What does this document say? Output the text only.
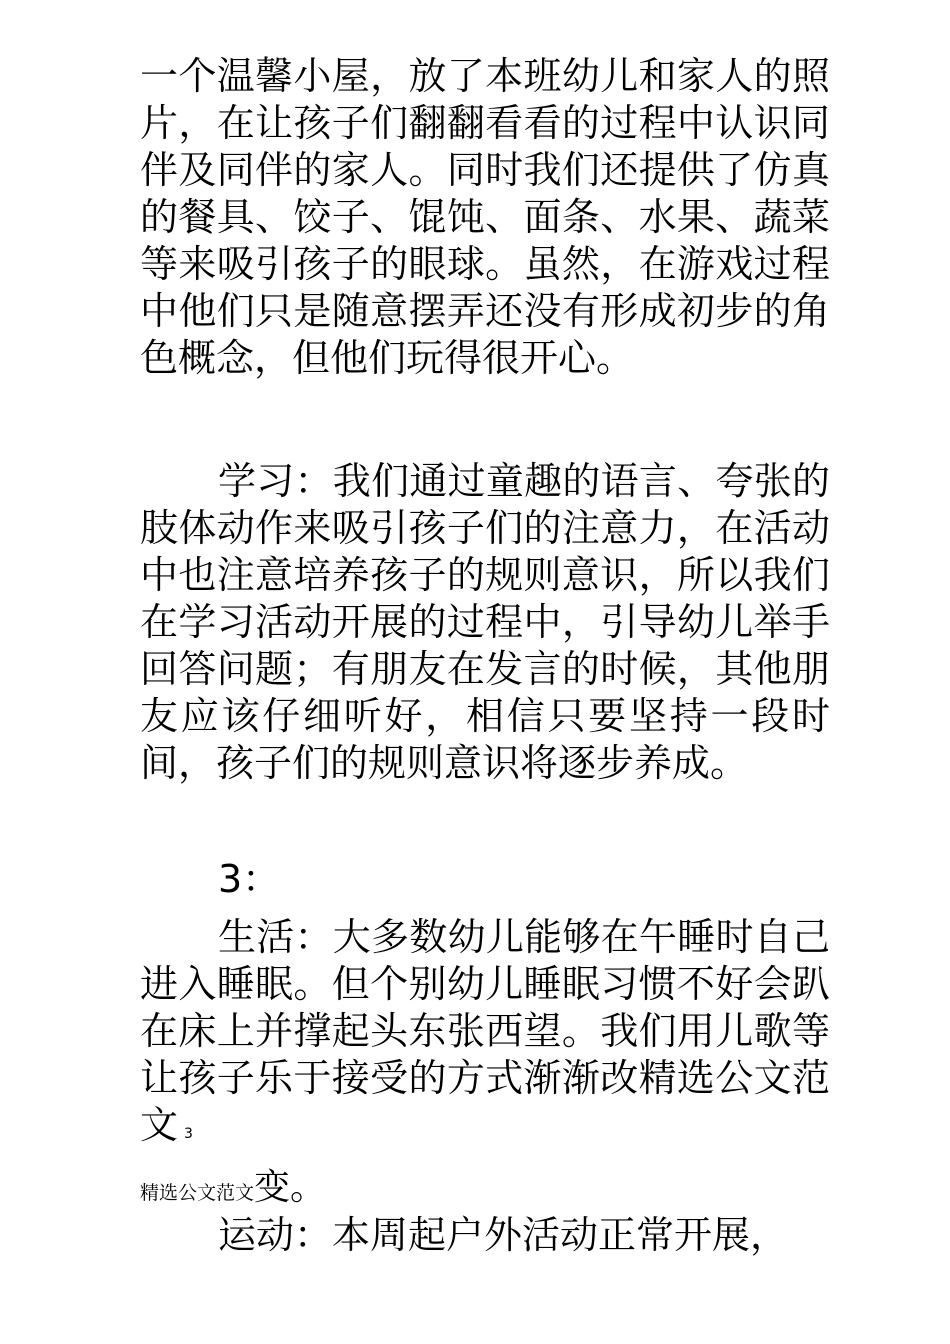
一个温馨小屋，放了本班幼儿和家人的照片，在让孩子们翻翻看看的过程中认识同伴及同伴的家人。同时我们还提供了仿真的餐具、饺子、馄饨、面条、水果、蔬菜等来吸引孩子的眼球。虽然，在游戏过程中他们只是随意摆弄还没有形成初步的角色概念，但他们玩得很开心。
学习：我们通过童趣的语言、夸张的肢体动作来吸引孩子们的注意力，在活动中也注意培养孩子的规则意识，所以我们在学习活动开展的过程中，引导幼儿举手回答问题；有朋友在发言的时候，其他朋友应该仔细听好，相信只要坚持一段时间，孩子们的规则意识将逐步养成。
3：
生活：大多数幼儿能够在午睡时自己进入睡眠。但个别幼儿睡眠习惯不好会趴在床上并撑起头东张西望。我们用儿歌等让孩子乐于接受的方式渐渐改精选公文范文 3
精选公文范文变。
运动：本周起户外活动正常开展，
